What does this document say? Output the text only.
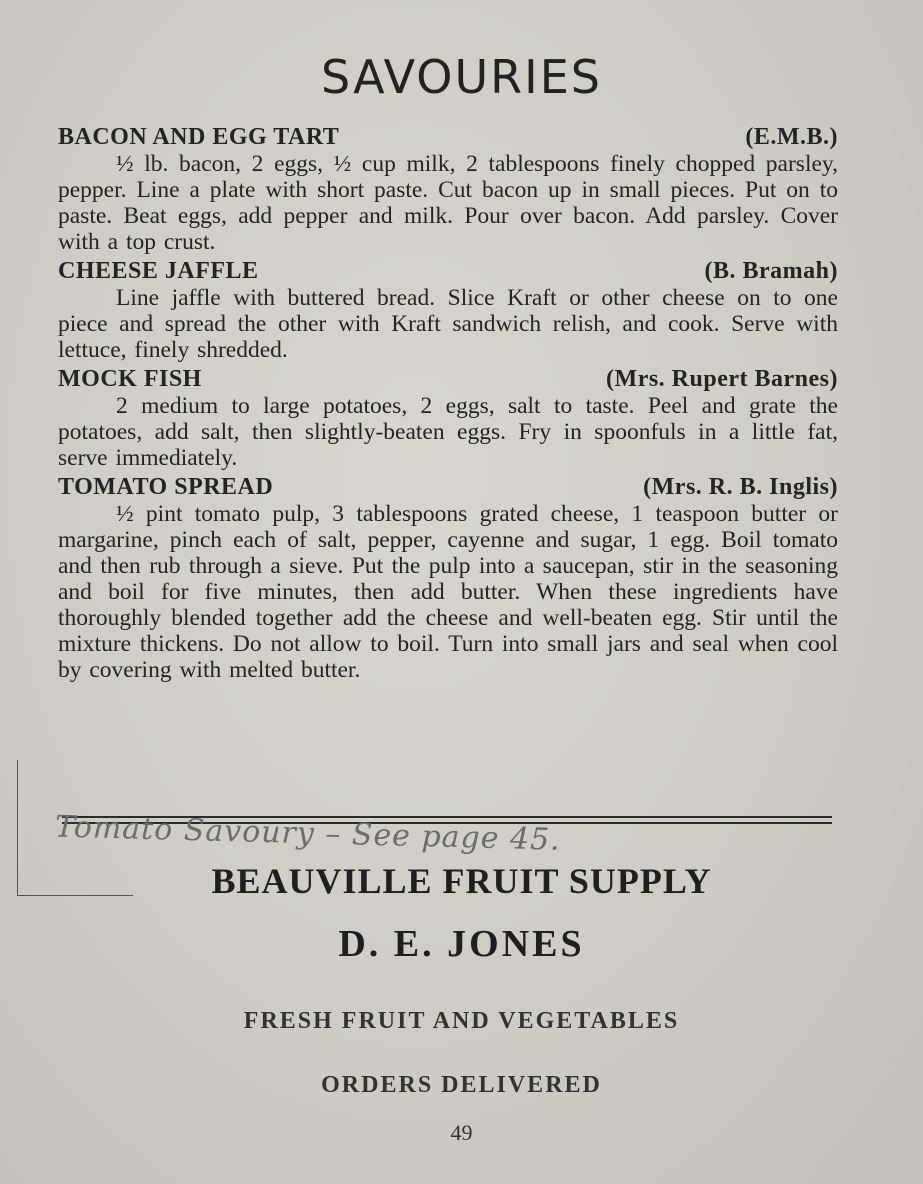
SAVOURIES
BACON AND EGG TART	(E.M.B.)

½ lb. bacon, 2 eggs, ½ cup milk, 2 tablespoons finely chopped parsley, pepper. Line a plate with short paste. Cut bacon up in small pieces. Put on to paste. Beat eggs, add pepper and milk. Pour over bacon. Add parsley. Cover with a top crust.

CHEESE JAFFLE	(B. Bramah)

Line jaffle with buttered bread. Slice Kraft or other cheese on to one piece and spread the other with Kraft sandwich relish, and cook. Serve with lettuce, finely shredded.

MOCK FISH	(Mrs. Rupert Barnes)

2 medium to large potatoes, 2 eggs, salt to taste. Peel and grate the potatoes, add salt, then slightly-beaten eggs. Fry in spoonfuls in a little fat, serve immediately.

TOMATO SPREAD	(Mrs. R. B. Inglis)

½ pint tomato pulp, 3 tablespoons grated cheese, 1 teaspoon butter or margarine, pinch each of salt, pepper, cayenne and sugar, 1 egg. Boil tomato and then rub through a sieve. Put the pulp into a saucepan, stir in the seasoning and boil for five minutes, then add butter. When these ingredients have thoroughly blended together add the cheese and well-beaten egg. Stir until the mixture thickens. Do not allow to boil. Turn into small jars and seal when cool by covering with melted butter.

Tomato Savoury – See page 45.
BEAUVILLE FRUIT SUPPLY
D. E. JONES
FRESH FRUIT AND VEGETABLES
ORDERS DELIVERED
49
